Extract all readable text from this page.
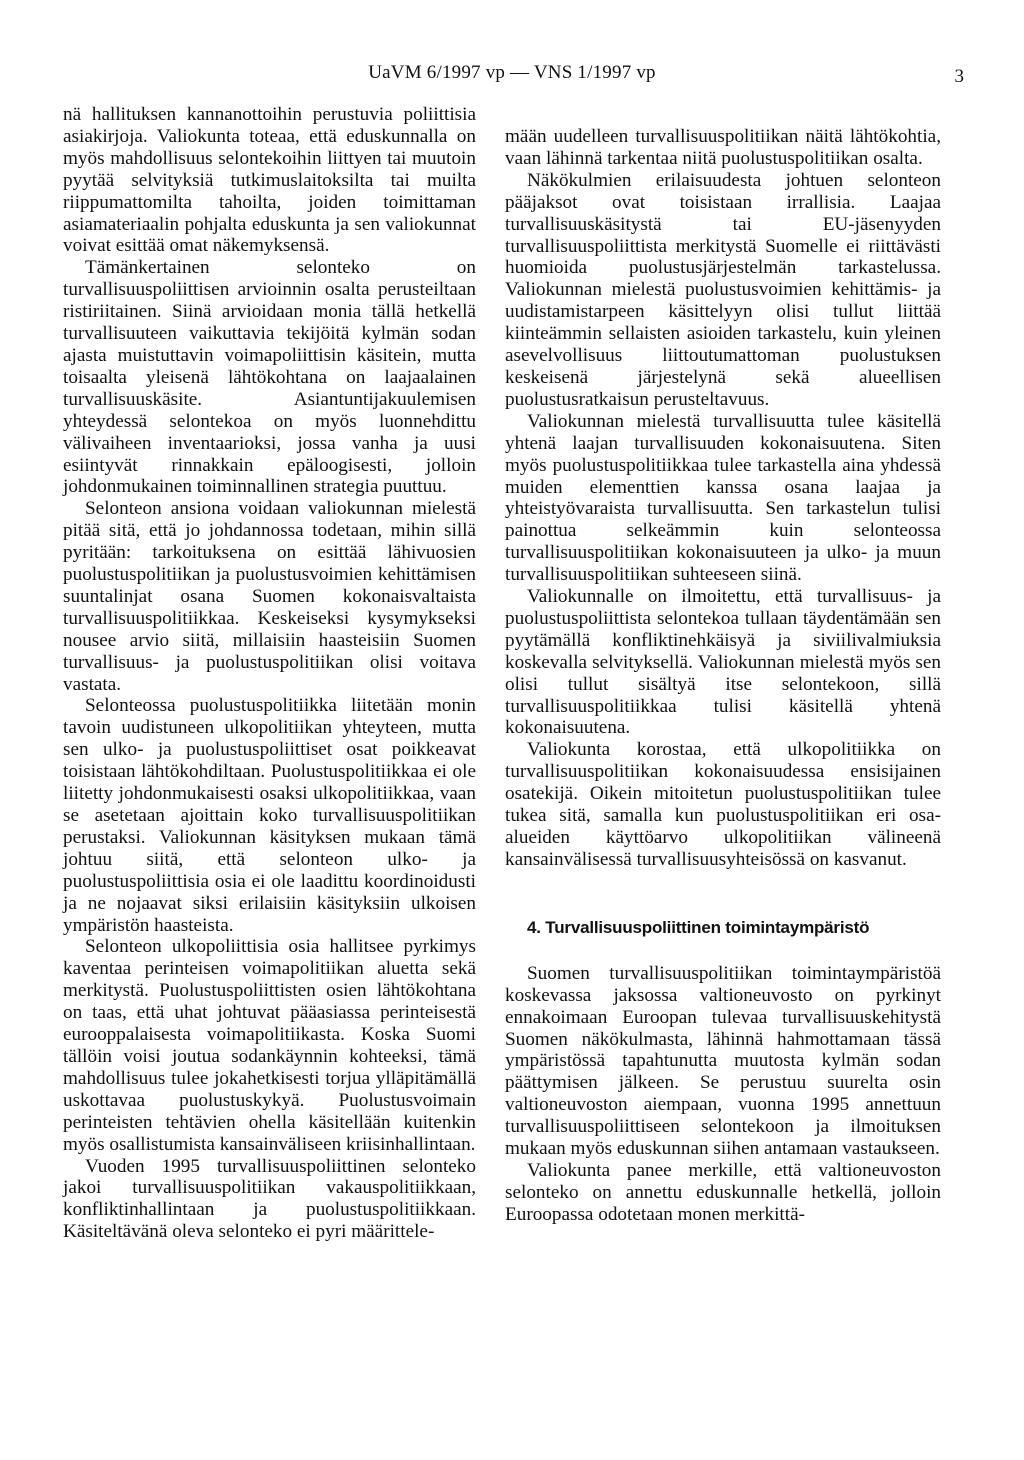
UaVM 6/1997 vp — VNS 1/1997 vp	3

nä hallituksen kannanottoihin perustuvia poliittisia asiakirjoja. Valiokunta toteaa, että eduskunnalla on myös mahdollisuus selontekoihin liittyen tai muutoin pyytää selvityksiä tutkimuslaitoksilta tai muilta riippumattomilta tahoilta, joiden toimittaman asiamateriaalin pohjalta eduskunta ja sen valiokunnat voivat esittää omat näkemyksensä.

Tämänkertainen selonteko on turvallisuuspoliittisen arvioinnin osalta perusteiltaan ristiriitainen. Siinä arvioidaan monia tällä hetkellä turvallisuuteen vaikuttavia tekijöitä kylmän sodan ajasta muistuttavin voimapoliittisin käsitein, mutta toisaalta yleisenä lähtökohtana on laajaalainen turvallisuuskäsite. Asiantuntijakuulemisen yhteydessä selontekoa on myös luonnehdittu välivaiheen inventaarioksi, jossa vanha ja uusi esiintyvät rinnakkain epäloogisesti, jolloin johdonmukainen toiminnallinen strategia puuttuu.

Selonteon ansiona voidaan valiokunnan mielestä pitää sitä, että jo johdannossa todetaan, mihin sillä pyritään: tarkoituksena on esittää lähivuosien puolustuspolitiikan ja puolustusvoimien kehittämisen suuntalinjat osana Suomen kokonaisvaltaista turvallisuuspolitiikkaa. Keskeiseksi kysymykseksi nousee arvio siitä, millaisiin haasteisiin Suomen turvallisuus- ja puolustuspolitiikan olisi voitava vastata.

Selonteossa puolustuspolitiikka liitetään monin tavoin uudistuneen ulkopolitiikan yhteyteen, mutta sen ulko- ja puolustuspoliittiset osat poikkeavat toisistaan lähtökohdiltaan. Puolustuspolitiikkaa ei ole liitetty johdonmukaisesti osaksi ulkopolitiikkaa, vaan se asetetaan ajoittain koko turvallisuuspolitiikan perustaksi. Valiokunnan käsityksen mukaan tämä johtuu siitä, että selonteon ulko- ja puolustuspoliittisia osia ei ole laadittu koordinoidusti ja ne nojaavat siksi erilaisiin käsityksiin ulkoisen ympäristön haasteista.

Selonteon ulkopoliittisia osia hallitsee pyrkimys kaventaa perinteisen voimapolitiikan aluetta sekä merkitystä. Puolustuspoliittisten osien lähtökohtana on taas, että uhat johtuvat pääasiassa perinteisestä eurooppalaisesta voimapolitiikasta. Koska Suomi tällöin voisi joutua sodankäynnin kohteeksi, tämä mahdollisuus tulee jokahetkisesti torjua ylläpitämällä uskottavaa puolustuskykyä. Puolustusvoimain perinteisten tehtävien ohella käsitellään kuitenkin myös osallistumista kansainväliseen kriisinhallintaan.

Vuoden 1995 turvallisuuspoliittinen selonteko jakoi turvallisuuspolitiikan vakauspolitiikkaan, konfliktinhallintaan ja puolustuspolitiikkaan. Käsiteltävänä oleva selonteko ei pyri määrittele-

mään uudelleen turvallisuuspolitiikan näitä lähtökohtia, vaan lähinnä tarkentaa niitä puolustuspolitiikan osalta.

Näkökulmien erilaisuudesta johtuen selonteon pääjaksot ovat toisistaan irrallisia. Laajaa turvallisuuskäsitystä tai EU-jäsenyyden turvallisuuspoliittista merkitystä Suomelle ei riittävästi huomioida puolustusjärjestelmän tarkastelussa. Valiokunnan mielestä puolustusvoimien kehittämis- ja uudistamistarpeen käsittelyyn olisi tullut liittää kiinteämmin sellaisten asioiden tarkastelu, kuin yleinen asevelvollisuus liittoutumattoman puolustuksen keskeisenä järjestelynä sekä alueellisen puolustusratkaisun perusteltavuus.

Valiokunnan mielestä turvallisuutta tulee käsitellä yhtenä laajan turvallisuuden kokonaisuutena. Siten myös puolustuspolitiikkaa tulee tarkastella aina yhdessä muiden elementtien kanssa osana laajaa ja yhteistyövaraista turvallisuutta. Sen tarkastelun tulisi painottua selkeämmin kuin selonteossa turvallisuuspolitiikan kokonaisuuteen ja ulko- ja muun turvallisuuspolitiikan suhteeseen siinä.

Valiokunnalle on ilmoitettu, että turvallisuus- ja puolustuspoliittista selontekoa tullaan täydentämään sen pyytämällä konfliktinehkäisyä ja siviilivalmiuksia koskevalla selvityksellä. Valiokunnan mielestä myös sen olisi tullut sisältyä itse selontekoon, sillä turvallisuuspolitiikkaa tulisi käsitellä yhtenä kokonaisuutena.

Valiokunta korostaa, että ulkopolitiikka on turvallisuuspolitiikan kokonaisuudessa ensisijainen osatekijä. Oikein mitoitetun puolustuspolitiikan tulee tukea sitä, samalla kun puolustuspolitiikan eri osa-alueiden käyttöarvo ulkopolitiikan välineenä kansainvälisessä turvallisuusyhteisössä on kasvanut.

4. Turvallisuuspoliittinen toimintaympäristö

Suomen turvallisuuspolitiikan toimintaympäristöä koskevassa jaksossa valtioneuvosto on pyrkinyt ennakoimaan Euroopan tulevaa turvallisuuskehitystä Suomen näkökulmasta, lähinnä hahmottamaan tässä ympäristössä tapahtunutta muutosta kylmän sodan päättymisen jälkeen. Se perustuu suurelta osin valtioneuvoston aiempaan, vuonna 1995 annettuun turvallisuuspoliittiseen selontekoon ja ilmoituksen mukaan myös eduskunnan siihen antamaan vastaukseen.

Valiokunta panee merkille, että valtioneuvoston selonteko on annettu eduskunnalle hetkellä, jolloin Euroopassa odotetaan monen merkittä-
